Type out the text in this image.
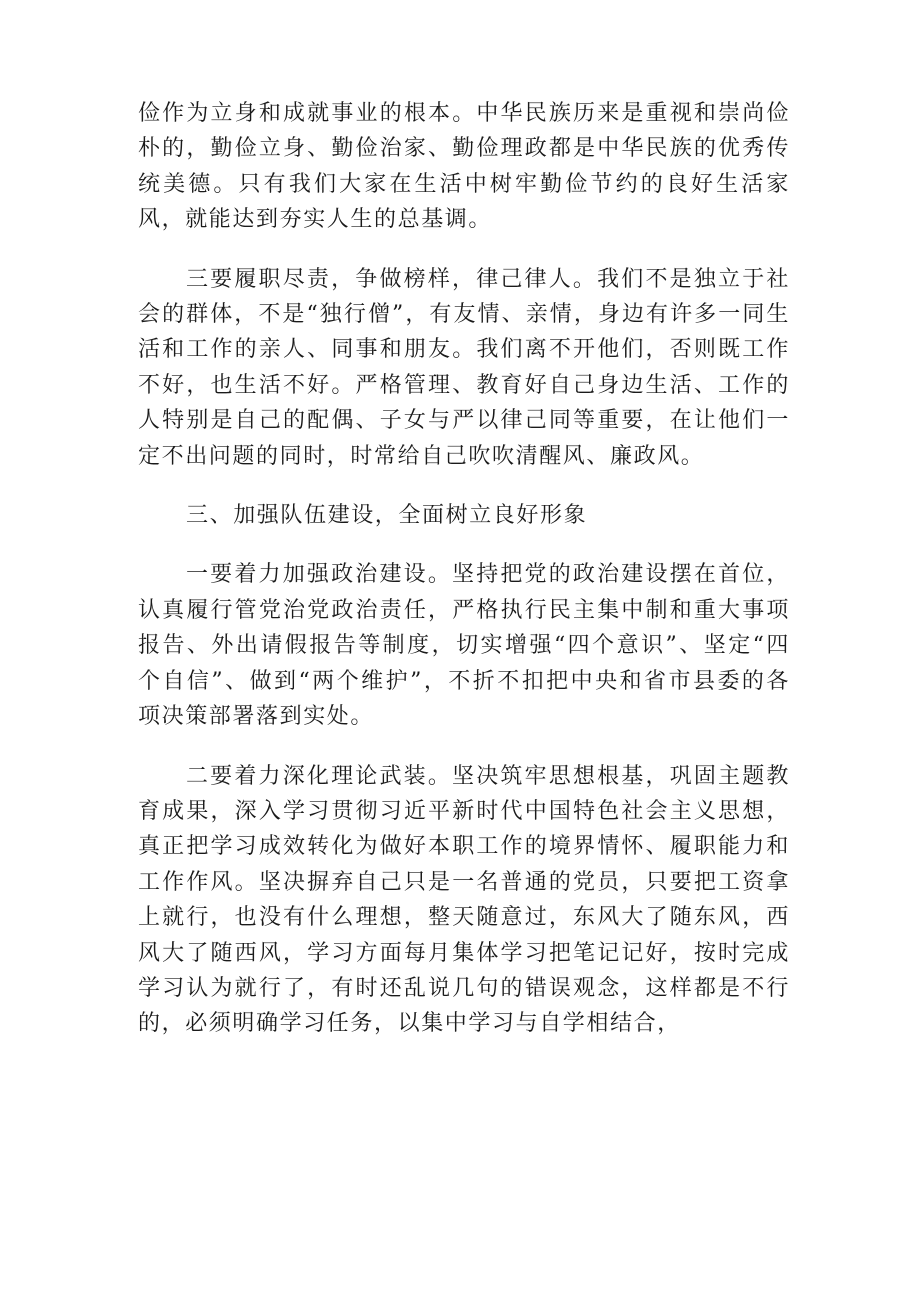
俭作为立身和成就事业的根本。中华民族历来是重视和崇尚俭朴的，勤俭立身、勤俭治家、勤俭理政都是中华民族的优秀传统美德。只有我们大家在生活中树牢勤俭节约的良好生活家风，就能达到夯实人生的总基调。

三要履职尽责，争做榜样，律己律人。我们不是独立于社会的群体，不是“独行僧”，有友情、亲情，身边有许多一同生活和工作的亲人、同事和朋友。我们离不开他们，否则既工作不好，也生活不好。严格管理、教育好自己身边生活、工作的人特别是自己的配偶、子女与严以律己同等重要，在让他们一定不出问题的同时，时常给自己吹吹清醒风、廉政风。

三、加强队伍建设，全面树立良好形象

一要着力加强政治建设。坚持把党的政治建设摆在首位，认真履行管党治党政治责任，严格执行民主集中制和重大事项报告、外出请假报告等制度，切实增强“四个意识”、坚定“四个自信”、做到“两个维护”，不折不扣把中央和省市县委的各项决策部署落到实处。

二要着力深化理论武装。坚决筑牢思想根基，巩固主题教育成果，深入学习贯彻习近平新时代中国特色社会主义思想，真正把学习成效转化为做好本职工作的境界情怀、履职能力和工作作风。坚决摒弃自己只是一名普通的党员，只要把工资拿上就行，也没有什么理想，整天随意过，东风大了随东风，西风大了随西风，学习方面每月集体学习把笔记记好，按时完成学习认为就行了，有时还乱说几句的错误观念，这样都是不行的，必须明确学习任务，以集中学习与自学相结合，
